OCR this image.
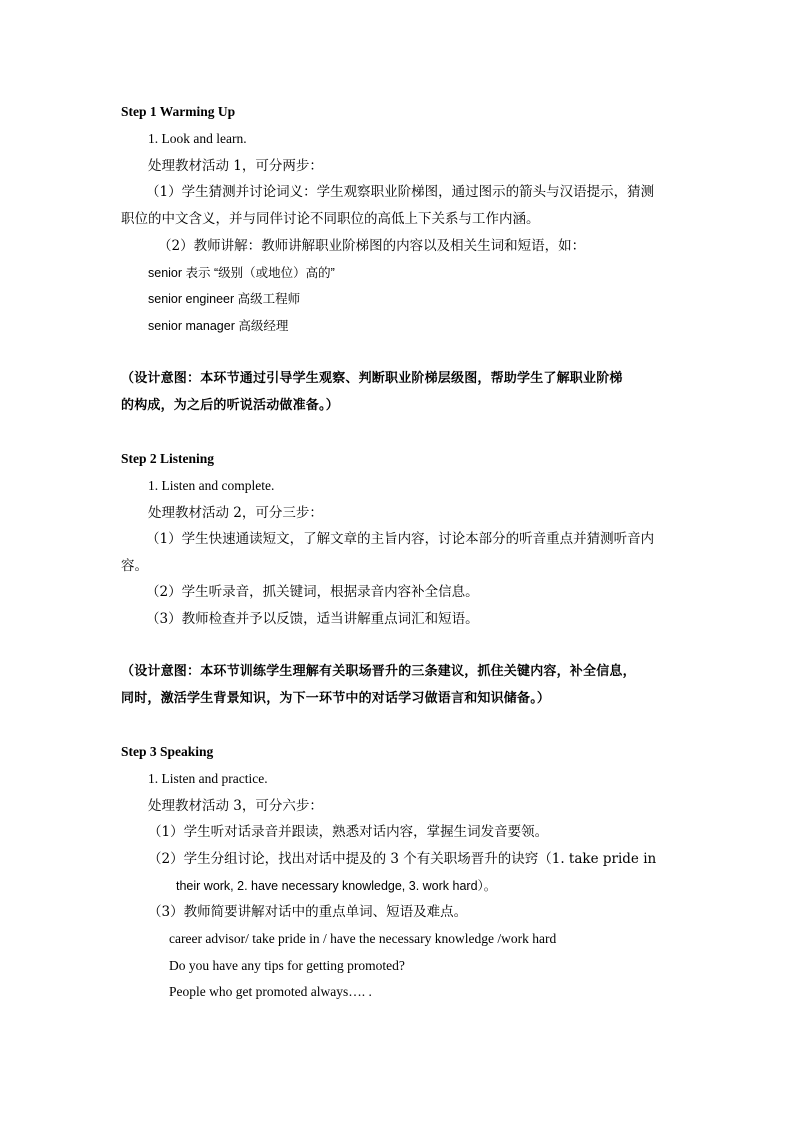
Step 1 Warming Up
1. Look and learn.
处理教材活动 1，可分两步：
（1）学生猜测并讨论词义：学生观察职业阶梯图，通过图示的箭头与汉语提示，猜测
职位的中文含义，并与同伴讨论不同职位的高低上下关系与工作内涵。
（2）教师讲解：教师讲解职业阶梯图的内容以及相关生词和短语，如：
senior 表示 “级别（或地位）高的”
senior engineer 高级工程师
senior manager 高级经理
（设计意图：本环节通过引导学生观察、判断职业阶梯层级图，帮助学生了解职业阶梯
的构成，为之后的听说活动做准备。）
Step 2 Listening
1. Listen and complete.
处理教材活动 2，可分三步：
（1）学生快速通读短文，了解文章的主旨内容，讨论本部分的听音重点并猜测听音内
容。
（2）学生听录音，抓关键词，根据录音内容补全信息。
（3）教师检查并予以反馈，适当讲解重点词汇和短语。
（设计意图：本环节训练学生理解有关职场晋升的三条建议，抓住关键内容，补全信息，
同时，激活学生背景知识，为下一环节中的对话学习做语言和知识储备。）
Step 3 Speaking
1. Listen and practice.
处理教材活动 3，可分六步：
（1）学生听对话录音并跟读，熟悉对话内容，掌握生词发音要领。
（2）学生分组讨论，找出对话中提及的 3 个有关职场晋升的诀窍（1. take pride in
their work, 2. have necessary knowledge, 3. work hard）。
（3）教师简要讲解对话中的重点单词、短语及难点。
career advisor/ take pride in / have the necessary knowledge /work hard
Do you have any tips for getting promoted?
People who get promoted always…. .
